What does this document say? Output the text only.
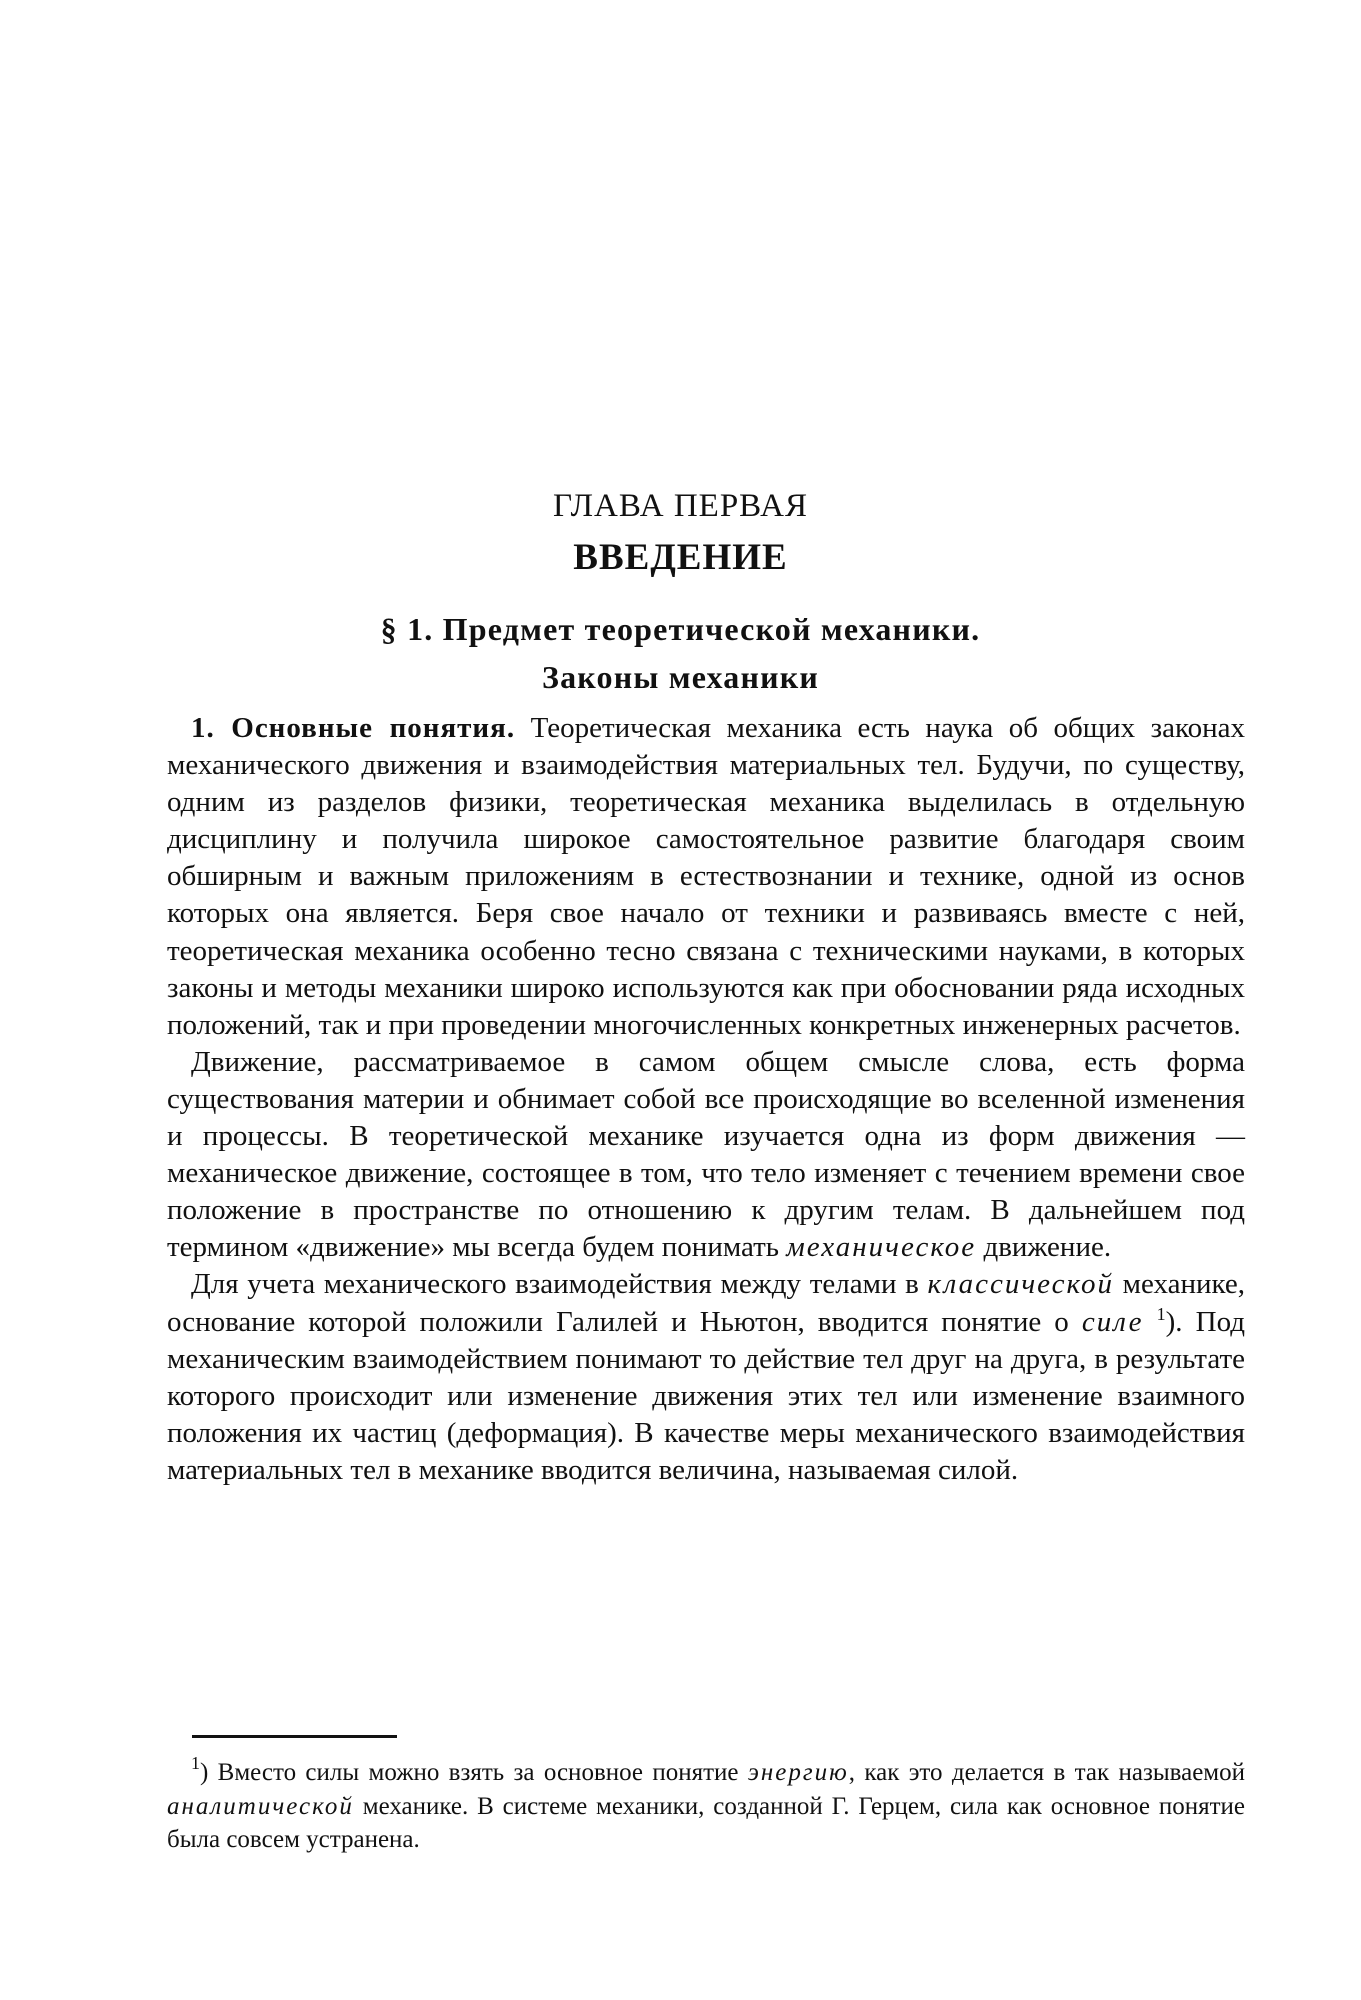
ГЛАВА ПЕРВАЯ
ВВЕДЕНИЕ
§ 1. Предмет теоретической механики.
Законы механики

1. Основные понятия. Теоретическая механика есть наука об общих законах механического движения и взаимодействия материальных тел. Будучи, по существу, одним из разделов физики, теоретическая механика выделилась в отдельную дисциплину и получила широкое самостоятельное развитие благодаря своим обширным и важным приложениям в естествознании и технике, одной из основ которых она является. Беря свое начало от техники и развиваясь вместе с ней, теоретическая механика особенно тесно связана с техническими науками, в которых законы и методы механики широко используются как при обосновании ряда исходных положений, так и при проведении многочисленных конкретных инженерных расчетов.

Движение, рассматриваемое в самом общем смысле слова, есть форма существования материи и обнимает собой все происходящие во вселенной изменения и процессы. В теоретической механике изучается одна из форм движения — механическое движение, состоящее в том, что тело изменяет с течением времени свое положение в пространстве по отношению к другим телам. В дальнейшем под термином «движение» мы всегда будем понимать механическое движение.

Для учета механического взаимодействия между телами в классической механике, основание которой положили Галилей и Ньютон, вводится понятие о силе $^1$). Под механическим взаимодействием понимают то действие тел друг на друга, в результате которого происходит или изменение движения этих тел или изменение взаимного положения их частиц (деформация). В качестве меры механического взаимодействия материальных тел в механике вводится величина, называемая силой.

$^1$) Вместо силы можно взять за основное понятие энергию, как это делается в так называемой аналитической механике. В системе механики, созданной Г. Герцем, сила как основное понятие была совсем устранена.
